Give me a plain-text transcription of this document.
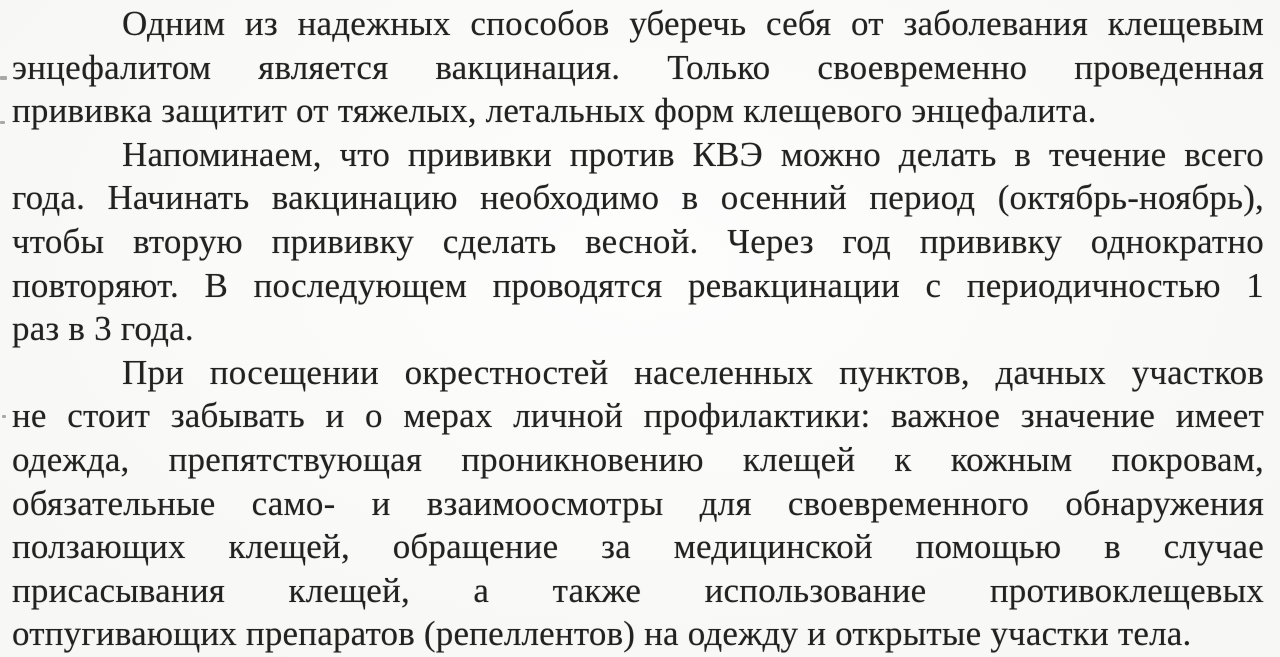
Одним из надежных способов уберечь себя от заболевания клещевым
энцефалитом является вакцинация. Только своевременно проведенная
прививка защитит от тяжелых, летальных форм клещевого энцефалита.
Напоминаем, что прививки против КВЭ можно делать в течение всего
года. Начинать вакцинацию необходимо в осенний период (октябрь-ноябрь),
чтобы вторую прививку сделать весной. Через год прививку однократно
повторяют. В последующем проводятся ревакцинации с периодичностью 1
раз в 3 года.
При посещении окрестностей населенных пунктов, дачных участков
не стоит забывать и о мерах личной профилактики: важное значение имеет
одежда, препятствующая проникновению клещей к кожным покровам,
обязательные само- и взаимоосмотры для своевременного обнаружения
ползающих клещей, обращение за медицинской помощью в случае
присасывания клещей, а также использование противоклещевых
отпугивающих препаратов (репеллентов) на одежду и открытые участки тела.
